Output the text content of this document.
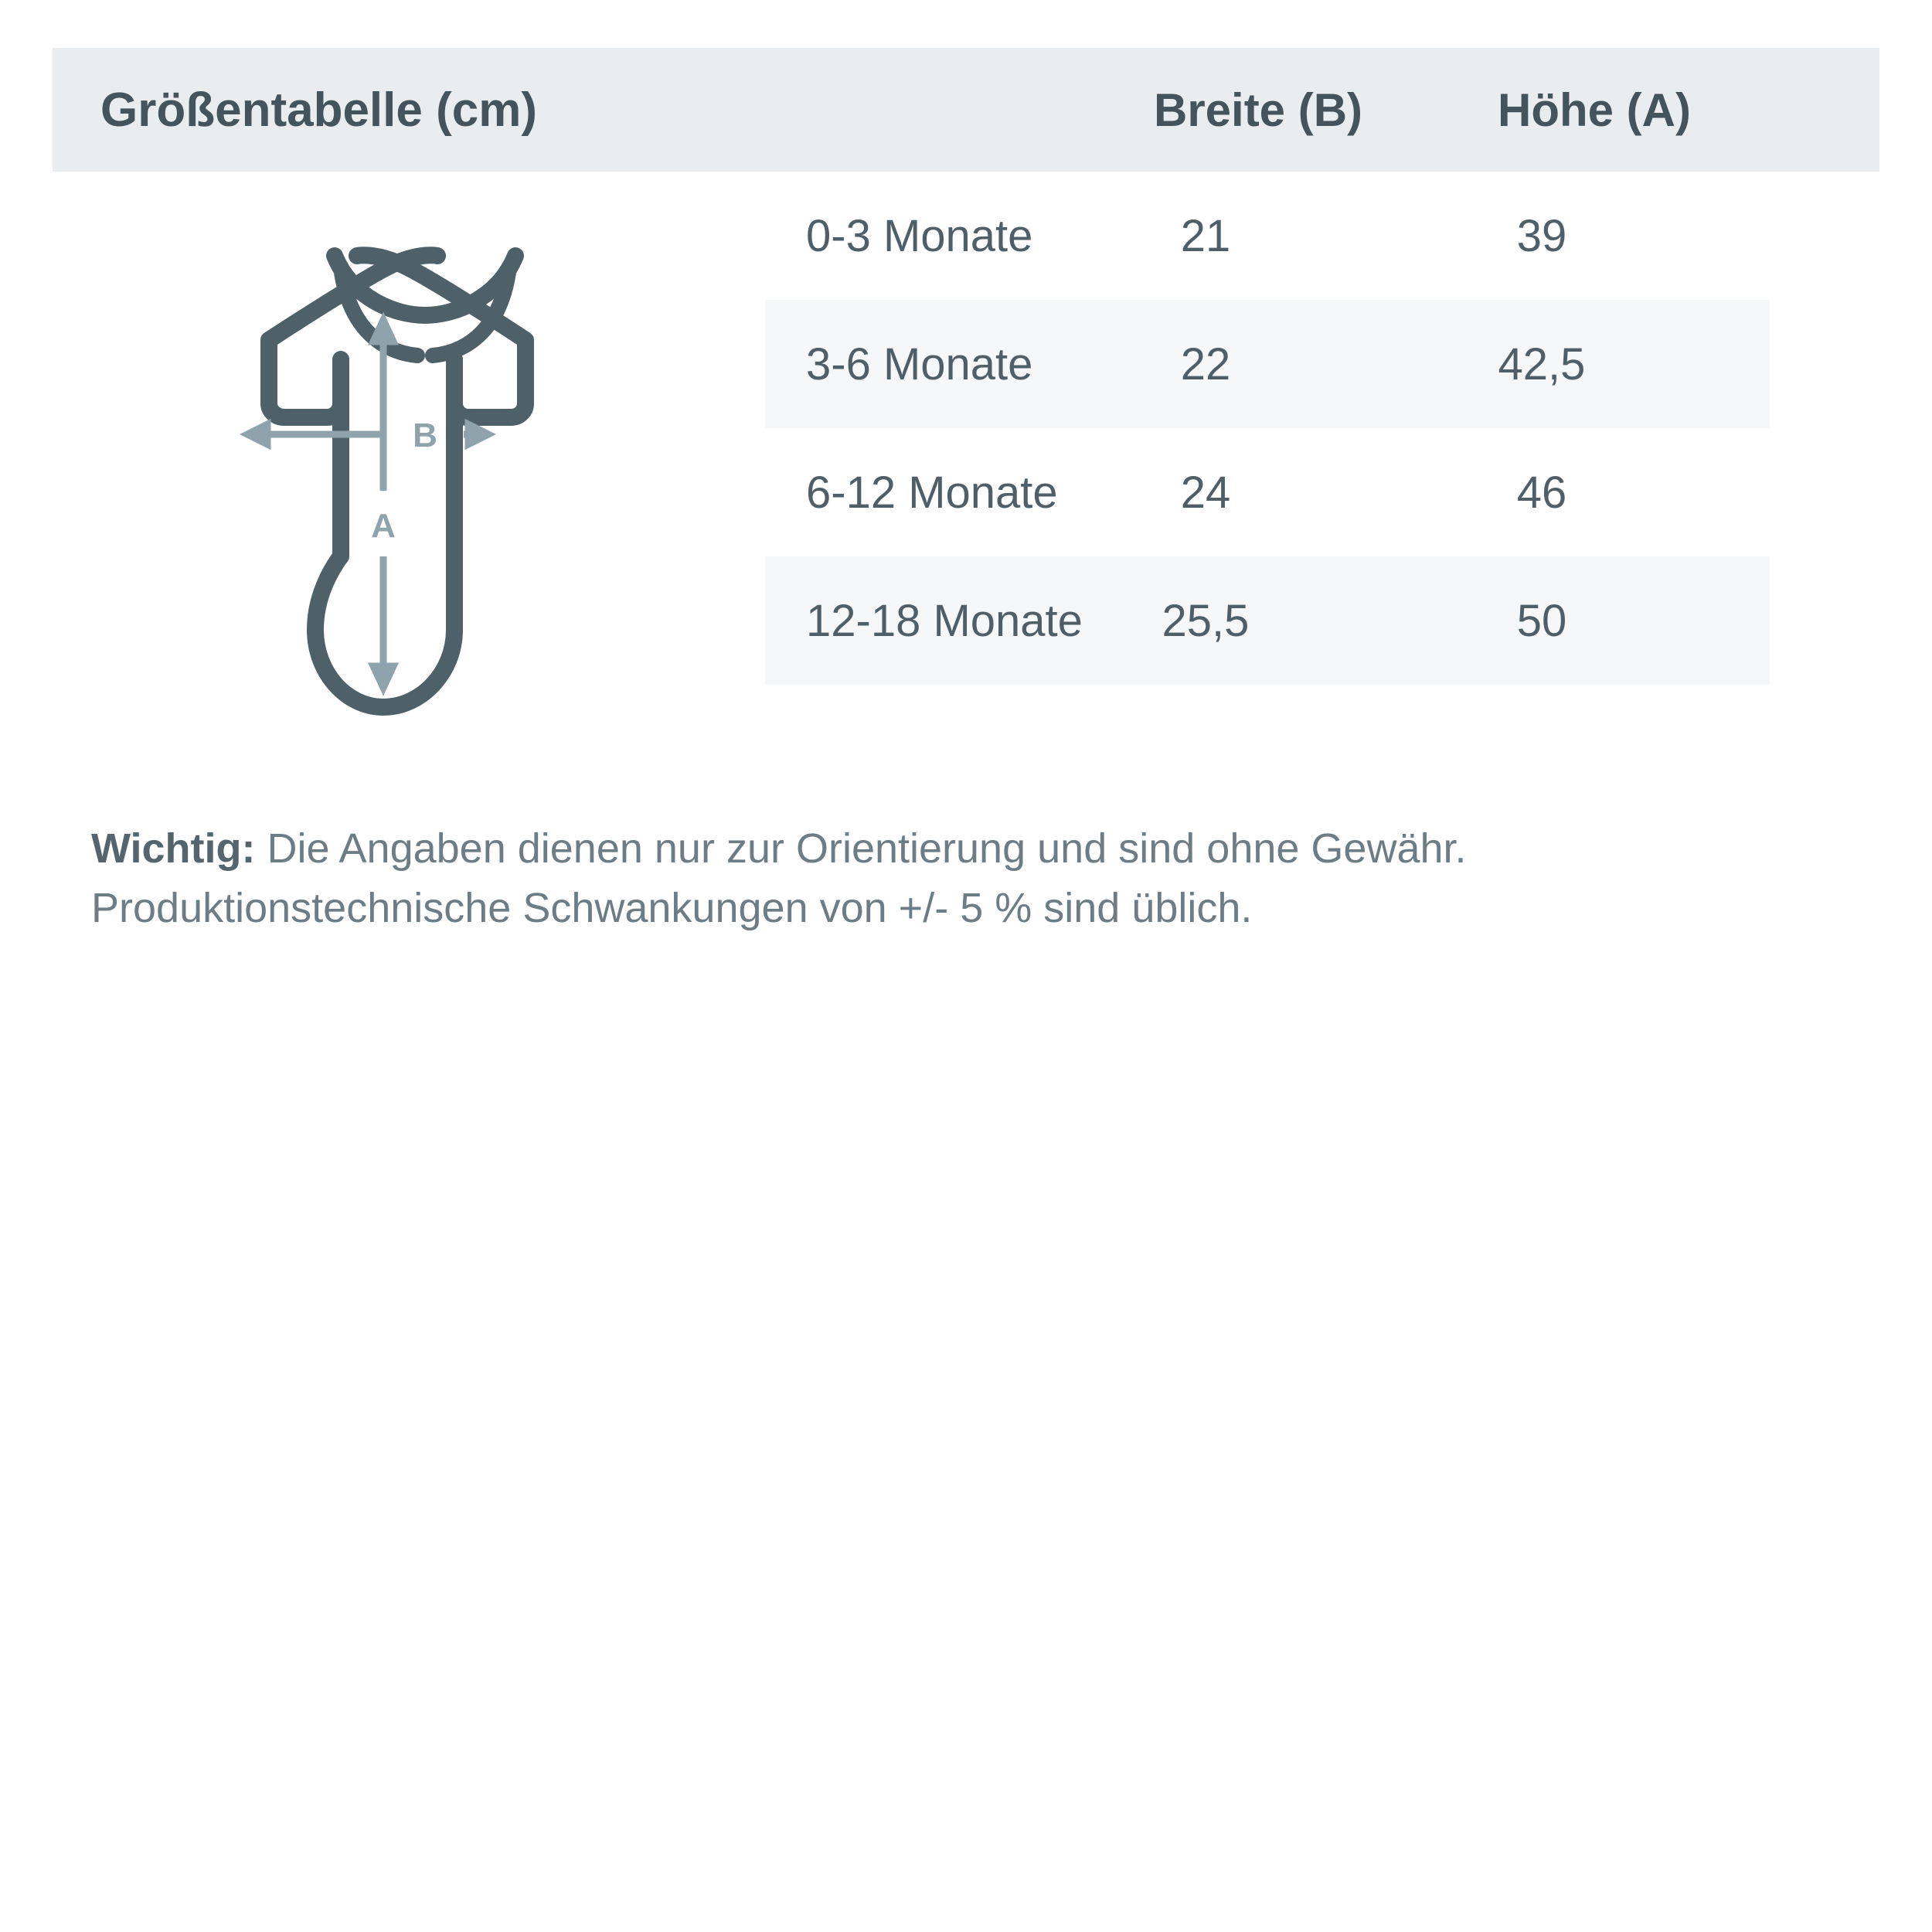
Größentabelle (cm)	Breite (B)	Höhe (A)
0-3 Monate	21	39
3-6 Monate	22	42,5
6-12 Monate	24	46
12-18 Monate	25,5	50
B
A
Wichtig: Die Angaben dienen nur zur Orientierung und sind ohne Gewähr. Produktionstechnische Schwankungen von +/- 5 % sind üblich.
